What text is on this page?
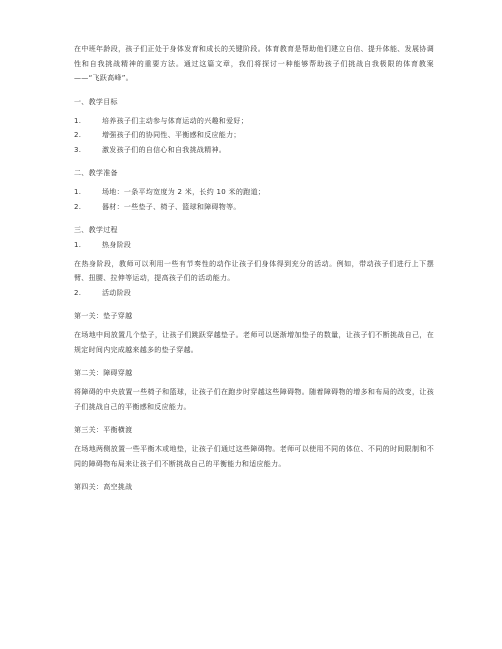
在中班年龄段，孩子们正处于身体发育和成长的关键阶段。体育教育是帮助他们建立自信、提升体能、发展协调性和自我挑战精神的重要方法。通过这篇文章，我们将探讨一种能够帮助孩子们挑战自我极限的体育教案——“飞跃高峰”。

一、教学目标

1.	培养孩子们主动参与体育运动的兴趣和爱好；
2.	增强孩子们的协同性、平衡感和反应能力；
3.	激发孩子们的自信心和自我挑战精神。

二、教学准备

1.	场地：一条平均宽度为 2 米，长约 10 米的跑道；
2.	器材：一些垫子、椅子、篮球和障碍物等。

三、教学过程

1.	热身阶段

在热身阶段，教师可以利用一些有节奏性的动作让孩子们身体得到充分的活动。例如，带动孩子们进行上下摆臂、扭腰、拉伸等运动，提高孩子们的活动能力。

2.	活动阶段

第一关：垫子穿越

在场地中间放置几个垫子，让孩子们跳跃穿越垫子。老师可以逐渐增加垫子的数量，让孩子们不断挑战自己，在规定时间内完成越来越多的垫子穿越。

第二关：障碍穿越

将障碍的中央放置一些椅子和篮球，让孩子们在跑步时穿越这些障碍物。随着障碍物的增多和布局的改变，让孩子们挑战自己的平衡感和反应能力。

第三关：平衡横渡

在场地两侧放置一些平衡木或地垫，让孩子们通过这些障碍物。老师可以使用不同的体位、不同的时间限制和不同的障碍物布局来让孩子们不断挑战自己的平衡能力和适应能力。

第四关：高空挑战
